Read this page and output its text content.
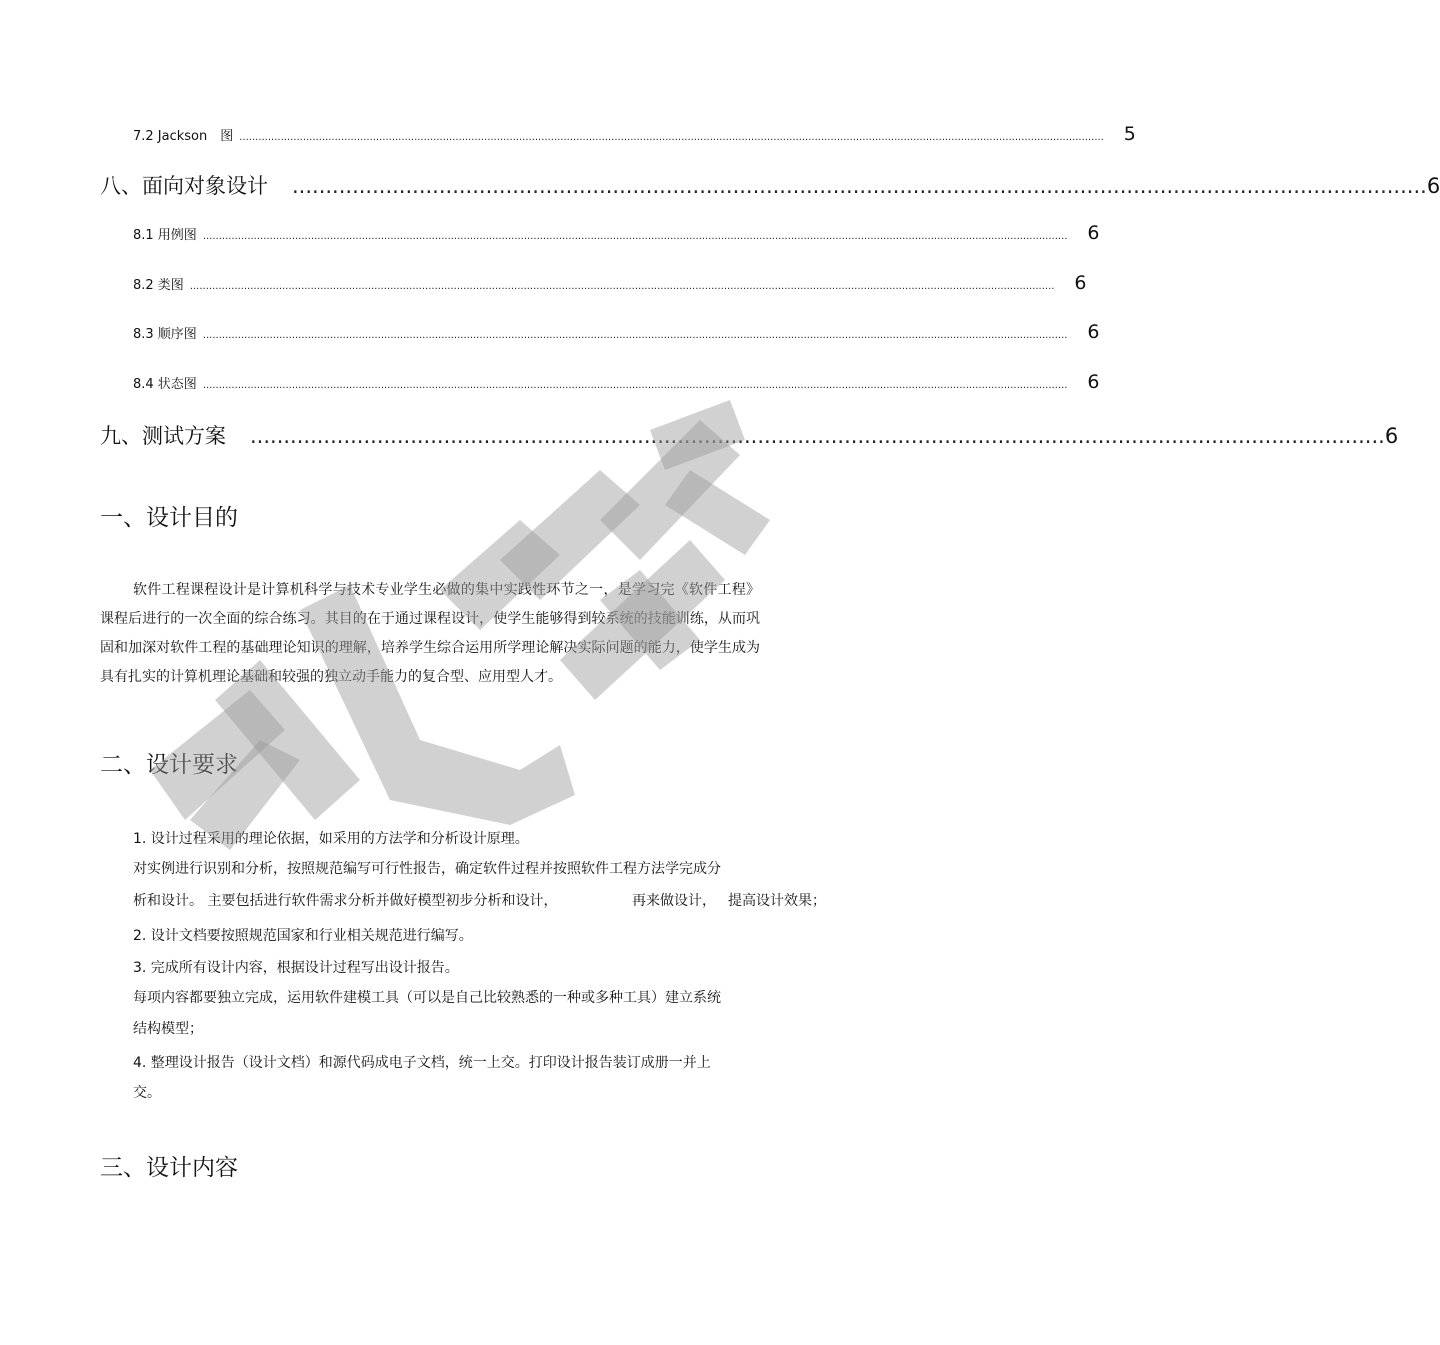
7.2 Jackson　图 ................................................................................................................................................................................................................................................................................	5
八、面向对象设计 .......................................................................................................................................................................... 6
8.1 用例图 ................................................................................................................................................................................................................................................................................	6
8.2 类图 ................................................................................................................................................................................................................................................................................	6
8.3 顺序图 ................................................................................................................................................................................................................................................................................	6
8.4 状态图 ................................................................................................................................................................................................................................................................................	6
九、测试方案 .......................................................................................................................................................................... 6
一、设计目的
软件工程课程设计是计算机科学与技术专业学生必做的集中实践性环节之一，是学习完《软件工程》课程后进行的一次全面的综合练习。其目的在于通过课程设计，使学生能够得到较系统的技能训练，从而巩固和加深对软件工程的基础理论知识的理解，培养学生综合运用所学理论解决实际问题的能力，使学生成为具有扎实的计算机理论基础和较强的独立动手能力的复合型、应用型人才。
二、设计要求
1. 设计过程采用的理论依据，如采用的方法学和分析设计原理。
对实例进行识别和分析，按照规范编写可行性报告，确定软件过程并按照软件工程方法学完成分
析和设计。 主要包括进行软件需求分析并做好模型初步分析和设计，	再来做设计， 提高设计效果；
2. 设计文档要按照规范国家和行业相关规范进行编写。
3. 完成所有设计内容，根据设计过程写出设计报告。
每项内容都要独立完成，运用软件建模工具（可以是自己比较熟悉的一种或多种工具）建立系统
结构模型；
4. 整理设计报告（设计文档）和源代码成电子文档，统一上交。打印设计报告装订成册一并上
交。
三、设计内容
